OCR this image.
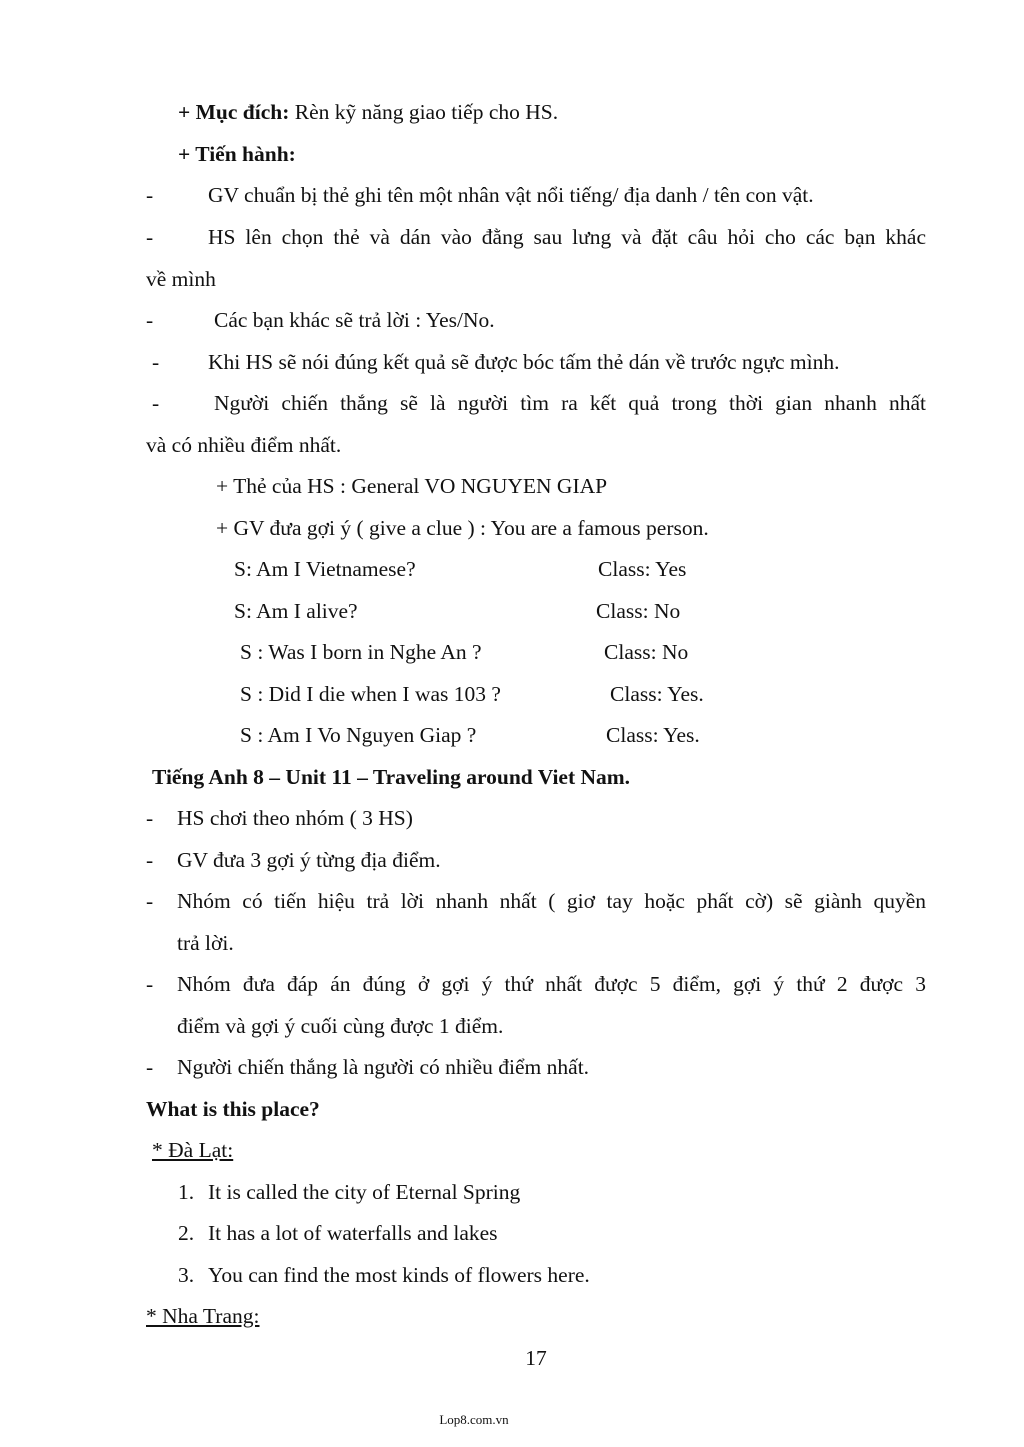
+ Mục đích: Rèn kỹ năng giao tiếp cho HS.
+ Tiến hành:
-	GV chuẩn bị thẻ ghi tên một nhân vật nổi tiếng/ địa danh / tên con vật.
-	HS lên chọn thẻ và dán vào đằng sau lưng và đặt câu hỏi cho các bạn khác
về mình
-	Các bạn khác sẽ trả lời : Yes/No.
- Khi HS sẽ nói đúng kết quả sẽ được bóc tấm thẻ dán về trước ngực mình.
-	Người chiến thắng sẽ là người tìm ra kết quả trong thời gian nhanh nhất
và có nhiều điểm nhất.
+ Thẻ của HS : General VO NGUYEN GIAP
+ GV đưa gợi ý ( give a clue ) : You are a famous person.
S: Am I Vietnamese?	Class: Yes
S: Am I alive?	Class: No
S : Was I born in Nghe An ?	Class: No
S : Did I die when I was 103 ?	Class: Yes.
S : Am I Vo Nguyen Giap ?	Class: Yes.
Tiếng Anh 8 – Unit 11 – Traveling around Viet Nam.
- HS chơi theo nhóm ( 3 HS)
- GV đưa 3 gợi ý từng địa điểm.
- Nhóm có tiến hiệu trả lời nhanh nhất ( giơ tay hoặc phất cờ) sẽ giành quyền
trả lời.
- Nhóm đưa đáp án đúng ở gợi ý thứ nhất được 5 điểm, gợi ý thứ 2 được 3
điểm và gợi ý cuối cùng được 1 điểm.
- Người chiến thắng là người có nhiều điểm nhất.
What is this place?
* Đà Lạt:
1. It is called the city of Eternal Spring
2. It has a lot of waterfalls and lakes
3. You can find the most kinds of flowers here.
* Nha Trang:
17
Lop8.com.vn
